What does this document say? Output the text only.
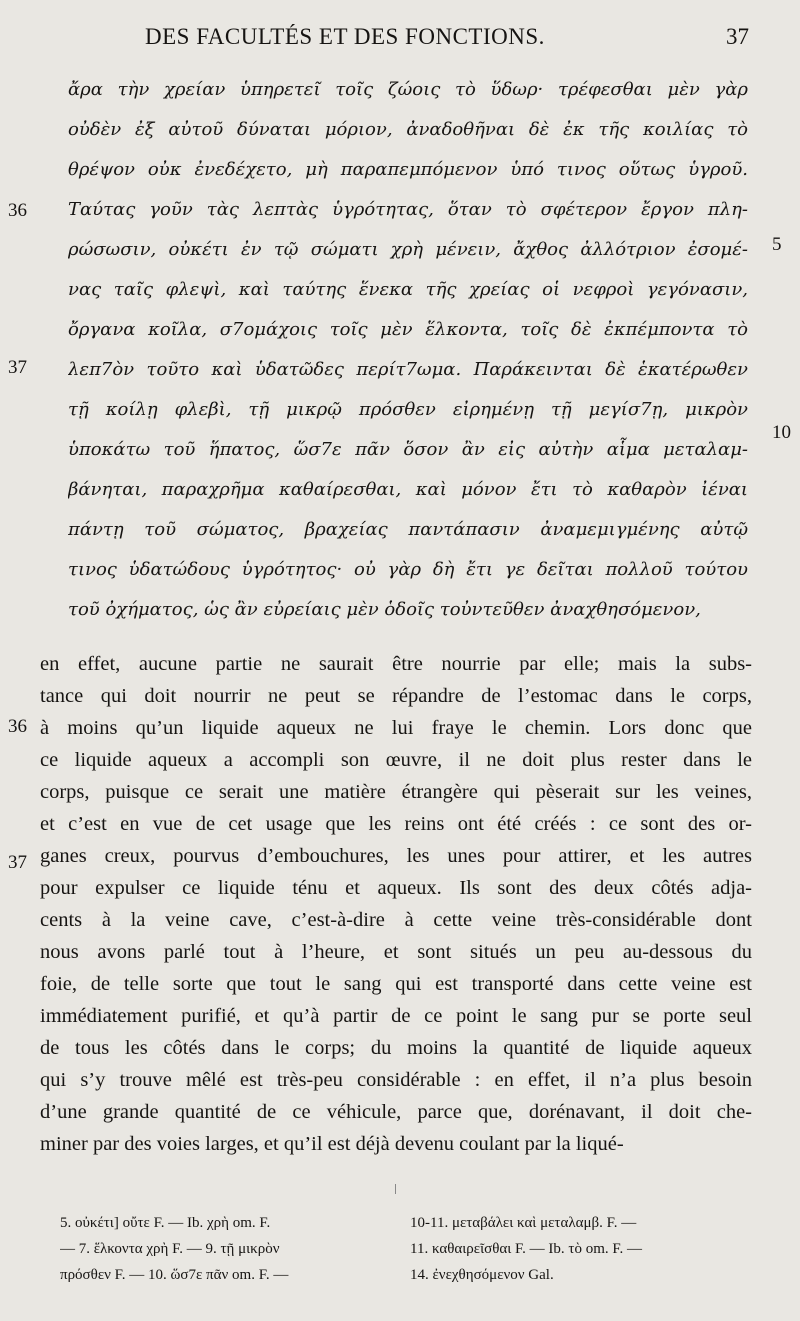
DES FACULTÉS ET DES FONCTIONS.	37
ἄρα τὴν χρείαν ὑπηρετεῖ τοῖς ζώοις τὸ ὕδωρ· τρέφεσθαι μὲν γὰρ
οὐδὲν ἐξ αὐτοῦ δύναται μόριον, ἀναδοθῆναι δὲ ἐκ τῆς κοιλίας τὸ
θρέψον οὐκ ἐνεδέχετο, μὴ παραπεμπόμενον ὑπό τινος οὕτως ὑγροῦ.
Ταύτας γοῦν τὰς λεπτὰς ὑγρότητας, ὅταν τὸ σφέτερον ἔργον πλη-
ρώσωσιν, οὐκέτι ἐν τῷ σώματι χρὴ μένειν, ἄχθος ἀλλότριον ἐσομέ-
νας ταῖς φλεψὶ, καὶ ταύτης ἕνεκα τῆς χρείας οἱ νεφροὶ γεγόνασιν,
ὄργανα κοῖλα, σ7ομάχοις τοῖς μὲν ἕλκοντα, τοῖς δὲ ἐκπέμποντα τὸ
λεπ7ὸν τοῦτο καὶ ὑδατῶδες περίτ7ωμα. Παράκεινται δὲ ἑκατέρωθεν
τῇ κοίλῃ φλεβὶ, τῇ μικρῷ πρόσθεν εἰρημένῃ τῇ μεγίσ7ῃ, μικρὸν
ὑποκάτω τοῦ ἥπατος, ὥσ7ε πᾶν ὅσον ἂν εἰς αὐτὴν αἷμα μεταλαμ-
βάνηται, παραχρῆμα καθαίρεσθαι, καὶ μόνον ἔτι τὸ καθαρὸν ἰέναι
πάντῃ τοῦ σώματος, βραχείας παντάπασιν ἀναμεμιγμένης αὐτῷ
τινος ὑδατώδους ὑγρότητος· οὐ γὰρ δὴ ἔτι γε δεῖται πολλοῦ τούτου
τοῦ ὀχήματος, ὡς ἂν εὐρείαις μὲν ὁδοῖς τοὐντεῦθεν ἀναχθησόμενον,
36
5
37
10
en effet, aucune partie ne saurait être nourrie par elle; mais la subs-
tance qui doit nourrir ne peut se répandre de l’estomac dans le corps,
à moins qu’un liquide aqueux ne lui fraye le chemin. Lors donc que
ce liquide aqueux a accompli son œuvre, il ne doit plus rester dans le
corps, puisque ce serait une matière étrangère qui pèserait sur les veines,
et c’est en vue de cet usage que les reins ont été créés : ce sont des or-
ganes creux, pourvus d’embouchures, les unes pour attirer, et les autres
pour expulser ce liquide ténu et aqueux. Ils sont des deux côtés adja-
cents à la veine cave, c’est-à-dire à cette veine très-considérable dont
nous avons parlé tout à l’heure, et sont situés un peu au-dessous du
foie, de telle sorte que tout le sang qui est transporté dans cette veine est
immédiatement purifié, et qu’à partir de ce point le sang pur se porte seul
de tous les côtés dans le corps; du moins la quantité de liquide aqueux
qui s’y trouve mêlé est très-peu considérable : en effet, il n’a plus besoin
d’une grande quantité de ce véhicule, parce que, dorénavant, il doit che-
miner par des voies larges, et qu’il est déjà devenu coulant par la liqué-
36
37
5. οὐκέτι] οὔτε F. — Ib. χρὴ om. F.
— 7. ἕλκοντα χρὴ F. — 9. τῇ μικρὸν
πρόσθεν F. — 10. ὥσ7ε πᾶν om. F. —
10-11. μεταβάλει καὶ μεταλαμβ. F. —
11. καθαιρεῖσθαι F. — Ib. τὸ om. F. —
14. ἐνεχθησόμενον Gal.
